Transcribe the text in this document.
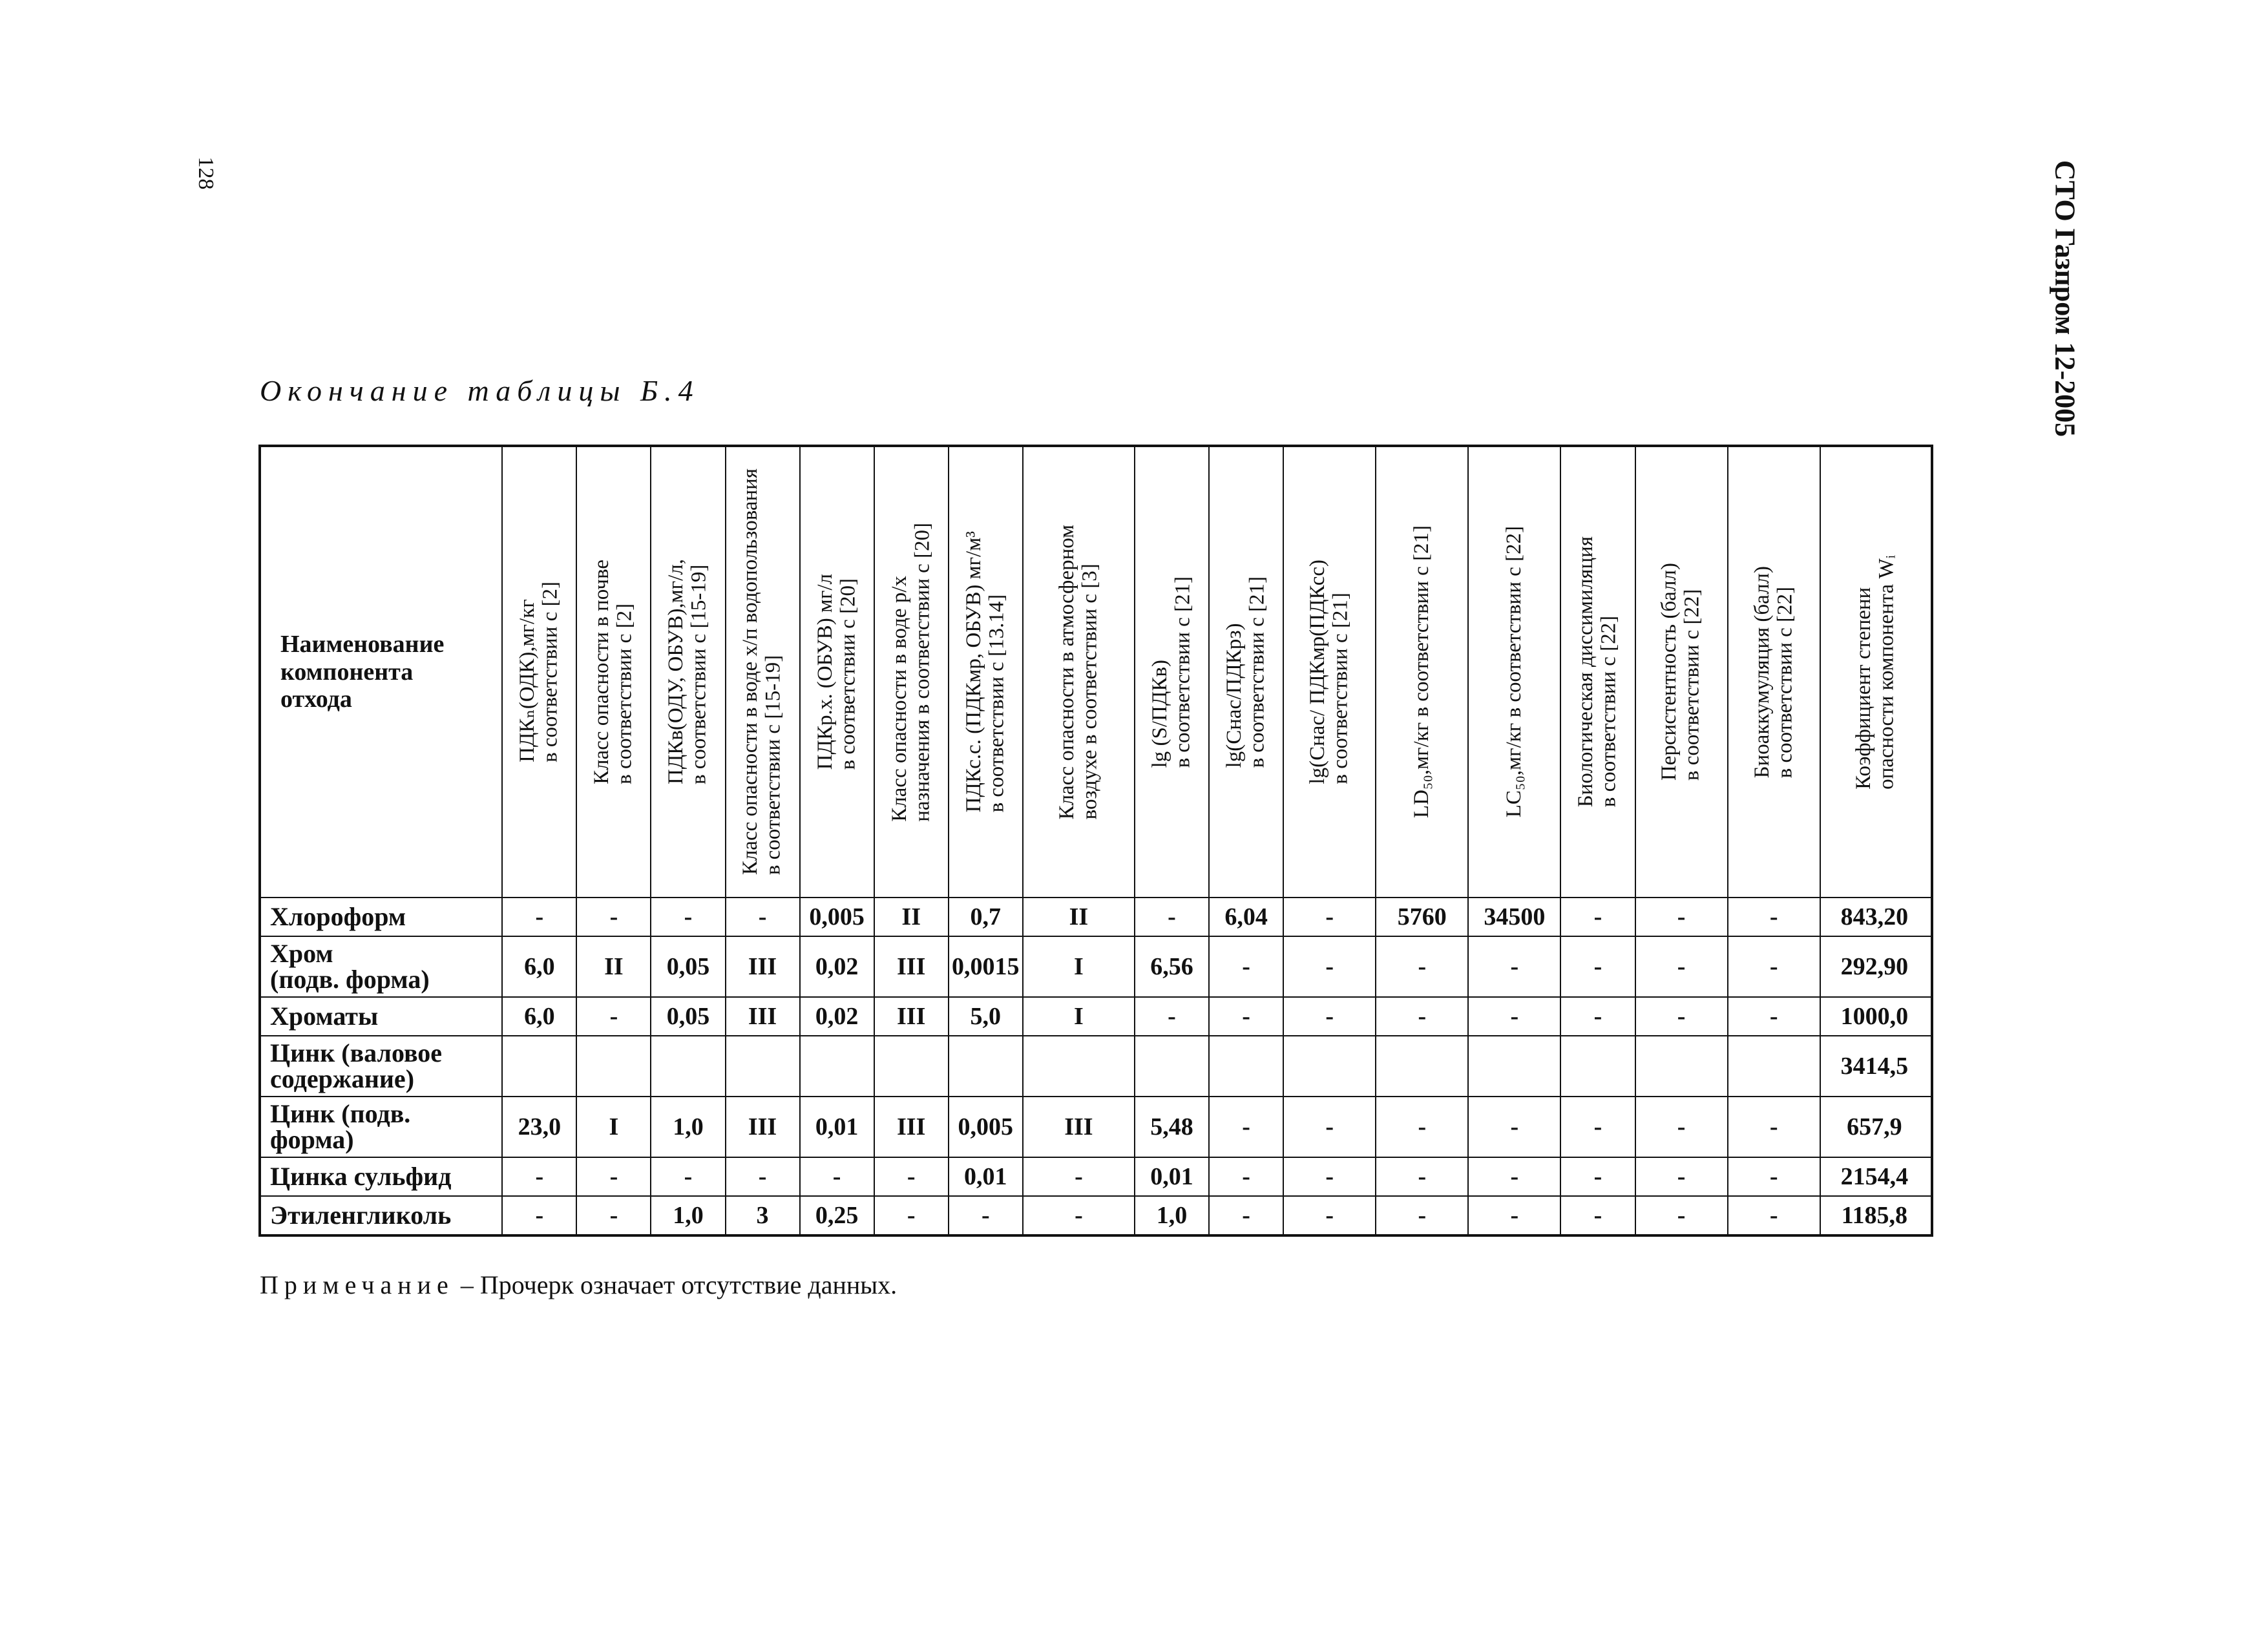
128	СТО Газпром 12-2005
Окончание таблицы Б.4
Наименование
компонента
отхода	ПДКₙ(ОДК),мг/кг в соответствии с [2]	Класс опасности в почве в соответствии с [2]	ПДКв(ОДУ, ОБУВ),мг/л, в соответствии с [15-19]	Класс опасности в воде х/п водопользования в соответствии с [15-19]	ПДКр.х. (ОБУВ) мг/л в соответствии с [20]	Класс опасности в воде р/х назначения в соответствии с [20]	ПДКс.с. (ПДКмр, ОБУВ) мг/м³ в соответствии с [13.14]	Класс опасности в атмосферном воздухе в соответствии с [3]	lg (S/ПДКв) в соответствии с [21]	lg(Cнас/ПДКрз) в соответствии с [21]	lg(Cнас/ ПДКмр(ПДКсс) в соответствии с [21]	LD₅₀,мг/кг в соответствии с [21]	LC₅₀,мг/кг в соответствии с [22]	Биологическая диссимиляция в соответствии с [22]	Персистентность (балл) в соответствии с [22]	Биоаккумуляция (балл) в соответствии с [22]	Коэффициент степени опасности компонента Wᵢ

Хлороформ	-	-	-	-	0,005	II	0,7	II	-	6,04	-	5760	34500	-	-	-	843,20

Хром
(подв. форма)	6,0	II	0,05	III	0,02	III	0,0015	I	6,56	-	-	-	-	-	-	-	292,90

Хроматы	6,0	-	0,05	III	0,02	III	5,0	I	-	-	-	-	-	-	-	-	1000,0

Цинк (валовое
содержание)																	3414,5

Цинк (подв.
форма)	23,0	I	1,0	III	0,01	III	0,005	III	5,48	-	-	-	-	-	-	-	657,9

Цинка сульфид	-	-	-	-	-	-	0,01	-	0,01	-	-	-	-	-	-	-	2154,4

Этиленгликоль	-	-	1,0	3	0,25	-	-	-	1,0	-	-	-	-	-	-	-	1185,8
Примечание – Прочерк означает отсутствие данных.
